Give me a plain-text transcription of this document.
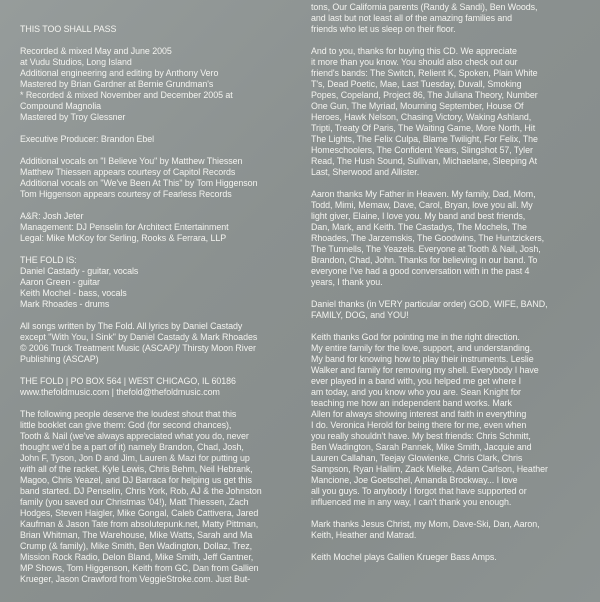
THIS TOO SHALL PASS
Recorded & mixed May and June 2005
at Vudu Studios, Long Island
Additional engineering and editing by Anthony Vero
Mastered by Brian Gardner at Bernie Grundman's
* Recorded & mixed November and December 2005 at
Compound Magnolia
Mastered by Troy Glessner
Executive Producer: Brandon Ebel
Additional vocals on "I Believe You" by Matthew Thiessen
Matthew Thiessen appears courtesy of Capitol Records
Additional vocals on "We've Been At This" by Tom Higgenson
Tom Higgenson appears courtesy of Fearless Records
A&R: Josh Jeter
Management: DJ Penselin for Architect Entertainment
Legal: Mike McKoy for Serling, Rooks & Ferrara, LLP
THE FOLD IS:
Daniel Castady - guitar, vocals
Aaron Green - guitar
Keith Mochel - bass, vocals
Mark Rhoades - drums
All songs written by The Fold. All lyrics by Daniel Castady
except "With You, I Sink" by Daniel Castady & Mark Rhoades
© 2006 Truck Treatment Music (ASCAP)/ Thirsty Moon River
Publishing (ASCAP)
THE FOLD | PO BOX 564 | WEST CHICAGO, IL 60186
www.thefoldmusic.com | thefold@thefoldmusic.com
The following people deserve the loudest shout that this
little booklet can give them: God (for second chances),
Tooth & Nail (we've always appreciated what you do, never
thought we'd be a part of it) namely Brandon, Chad, Josh,
John F, Tyson, Jon D and Jim, Lauren & Mazi for putting up
with all of the racket. Kyle Lewis, Chris Behm, Neil Hebrank,
Magoo, Chris Yeazel, and DJ Barraca for helping us get this
band started. DJ Penselin, Chris York, Rob, AJ & the Johnston
family (you saved our Christmas '04!), Matt Thiessen, Zach
Hodges, Steven Haigler, Mike Gongal, Caleb Cattivera, Jared
Kaufman & Jason Tate from absolutepunk.net, Matty Pittman,
Brian Whitman, The Warehouse, Mike Watts, Sarah and Ma
Crump (& family), Mike Smith, Ben Wadington, Dollaz, Trez,
Mission Rock Radio, Delon Bland, Mike Smith, Jeff Gantner,
MP Shows, Tom Higgenson, Keith from GC, Dan from Gallien
Krueger, Jason Crawford from VeggieStroke.com. Just But-
tons, Our California parents (Randy & Sandi), Ben Woods,
and last but not least all of the amazing families and
friends who let us sleep on their floor.
And to you, thanks for buying this CD. We appreciate
it more than you know. You should also check out our
friend's bands: The Switch, Relient K, Spoken, Plain White
T's, Dead Poetic, Mae, Last Tuesday, Duvall, Smoking
Popes, Copeland, Project 86, The Juliana Theory, Number
One Gun, The Myriad, Mourning September, House Of
Heroes, Hawk Nelson, Chasing Victory, Waking Ashland,
Tripti, Treaty Of Paris, The Waiting Game, More North, Hit
The Lights, The Felix Culpa, Blame Twilight, For Felix, The
Homeschoolers, The Confident Years, Slingshot 57, Tyler
Read, The Hush Sound, Sullivan, Michaelane, Sleeping At
Last, Sherwood and Allister.
Aaron thanks My Father in Heaven. My family, Dad, Mom,
Todd, Mimi, Memaw, Dave, Carol, Bryan, love you all. My
light giver, Elaine, I love you. My band and best friends,
Dan, Mark, and Keith. The Castadys, The Mochels, The
Rhoades, The Jarzemskis, The Goodwins, The Huntzickers,
The Tunnells, The Yeazels. Everyone at Tooth & Nail, Josh,
Brandon, Chad, John. Thanks for believing in our band. To
everyone I've had a good conversation with in the past 4
years, I thank you.
Daniel thanks (in VERY particular order) GOD, WIFE, BAND,
FAMILY, DOG, and YOU!
Keith thanks God for pointing me in the right direction.
My entire family for the love, support, and understanding.
My band for knowing how to play their instruments. Leslie
Walker and family for removing my shell. Everybody I have
ever played in a band with, you helped me get where I
am today, and you know who you are. Sean Knight for
teaching me how an independent band works. Mark
Allen for always showing interest and faith in everything
I do. Veronica Herold for being there for me, even when
you really shouldn't have. My best friends: Chris Schmitt,
Ben Wadington, Sarah Pannek, Mike Smith, Jacquie and
Lauren Callahan, Teejay Glowienke, Chris Clark, Chris
Sampson, Ryan Hallim, Zack Mielke, Adam Carlson, Heather
Mancione, Joe Goetschel, Amanda Brockway... I love
all you guys. To anybody I forgot that have supported or
influenced me in any way, I can't thank you enough.
Mark thanks Jesus Christ, my Mom, Dave-Ski, Dan, Aaron,
Keith, Heather and Matrad.
Keith Mochel plays Gallien Krueger Bass Amps.
